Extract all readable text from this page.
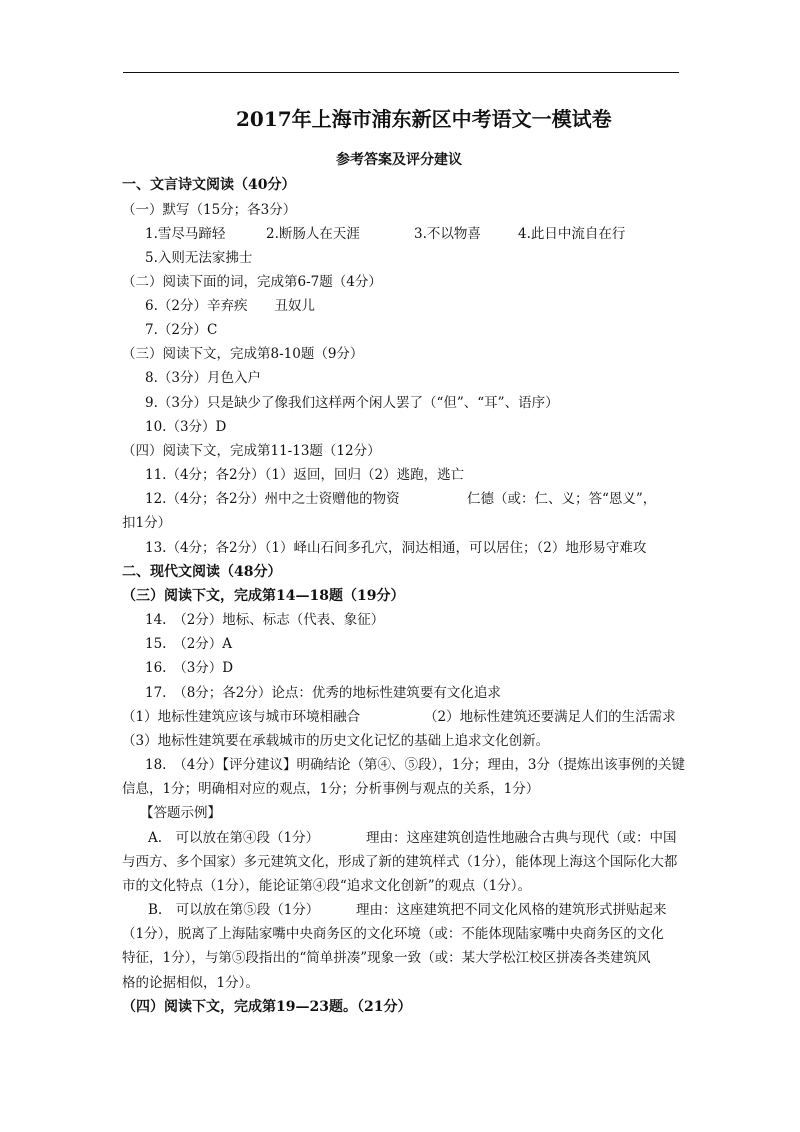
2017年上海市浦东新区中考语文一模试卷
参考答案及评分建议
一、文言诗文阅读（40分）
（一）默写（15分；各3分）
1.雪尽马蹄轻	2.断肠人在天涯	3.不以物喜	4.此日中流自在行
5.入则无法家拂士
（二）阅读下面的词，完成第6-7题（4分）
6.（2分）辛弃疾　　丑奴儿
7.（2分）C
（三）阅读下文，完成第8-10题（9分）
8.（3分）月色入户
9.（3分）只是缺少了像我们这样两个闲人罢了（“但”、“耳”、语序）
10.（3分）D
（四）阅读下文，完成第11-13题（12分）
11.（4分；各2分）（1）返回，回归（2）逃跑，逃亡
12.（4分；各2分）州中之士资赠他的物资	仁德（或：仁、义；答“恩义”，
扣1分）
13.（4分；各2分）（1）峄山石间多孔穴，洞达相通，可以居住；（2）地形易守难攻
二、现代文阅读（48分）
（三）阅读下文，完成第14—18题（19分）
14.　（2分）地标、标志（代表、象征）
15.　（2分）A
16.　（3分）D
17.　（8分；各2分）论点：优秀的地标性建筑要有文化追求
（1）地标性建筑应该与城市环境相融合	（2）地标性建筑还要满足人们的生活需求
（3）地标性建筑要在承载城市的历史文化记忆的基础上追求文化创新。
18.　（4分）【评分建议】明确结论（第④、⑤段），1分；理由，3分（提炼出该事例的关键
信息，1分；明确相对应的观点，1分；分析事例与观点的关系，1分）
【答题示例】
A.　可以放在第④段（1分）	理由：这座建筑创造性地融合古典与现代（或：中国
与西方、多个国家）多元建筑文化，形成了新的建筑样式（1分），能体现上海这个国际化大都
市的文化特点（1分），能论证第④段“追求文化创新”的观点（1分）。
B.　可以放在第⑤段（1分）	理由：这座建筑把不同文化风格的建筑形式拼贴起来
（1分），脱离了上海陆家嘴中央商务区的文化环境（或：不能体现陆家嘴中央商务区的文化
特征，1分），与第⑤段指出的“简单拼凑”现象一致（或：某大学松江校区拼凑各类建筑风
格的论据相似，1分）。
（四）阅读下文，完成第19—23题。（21分）
